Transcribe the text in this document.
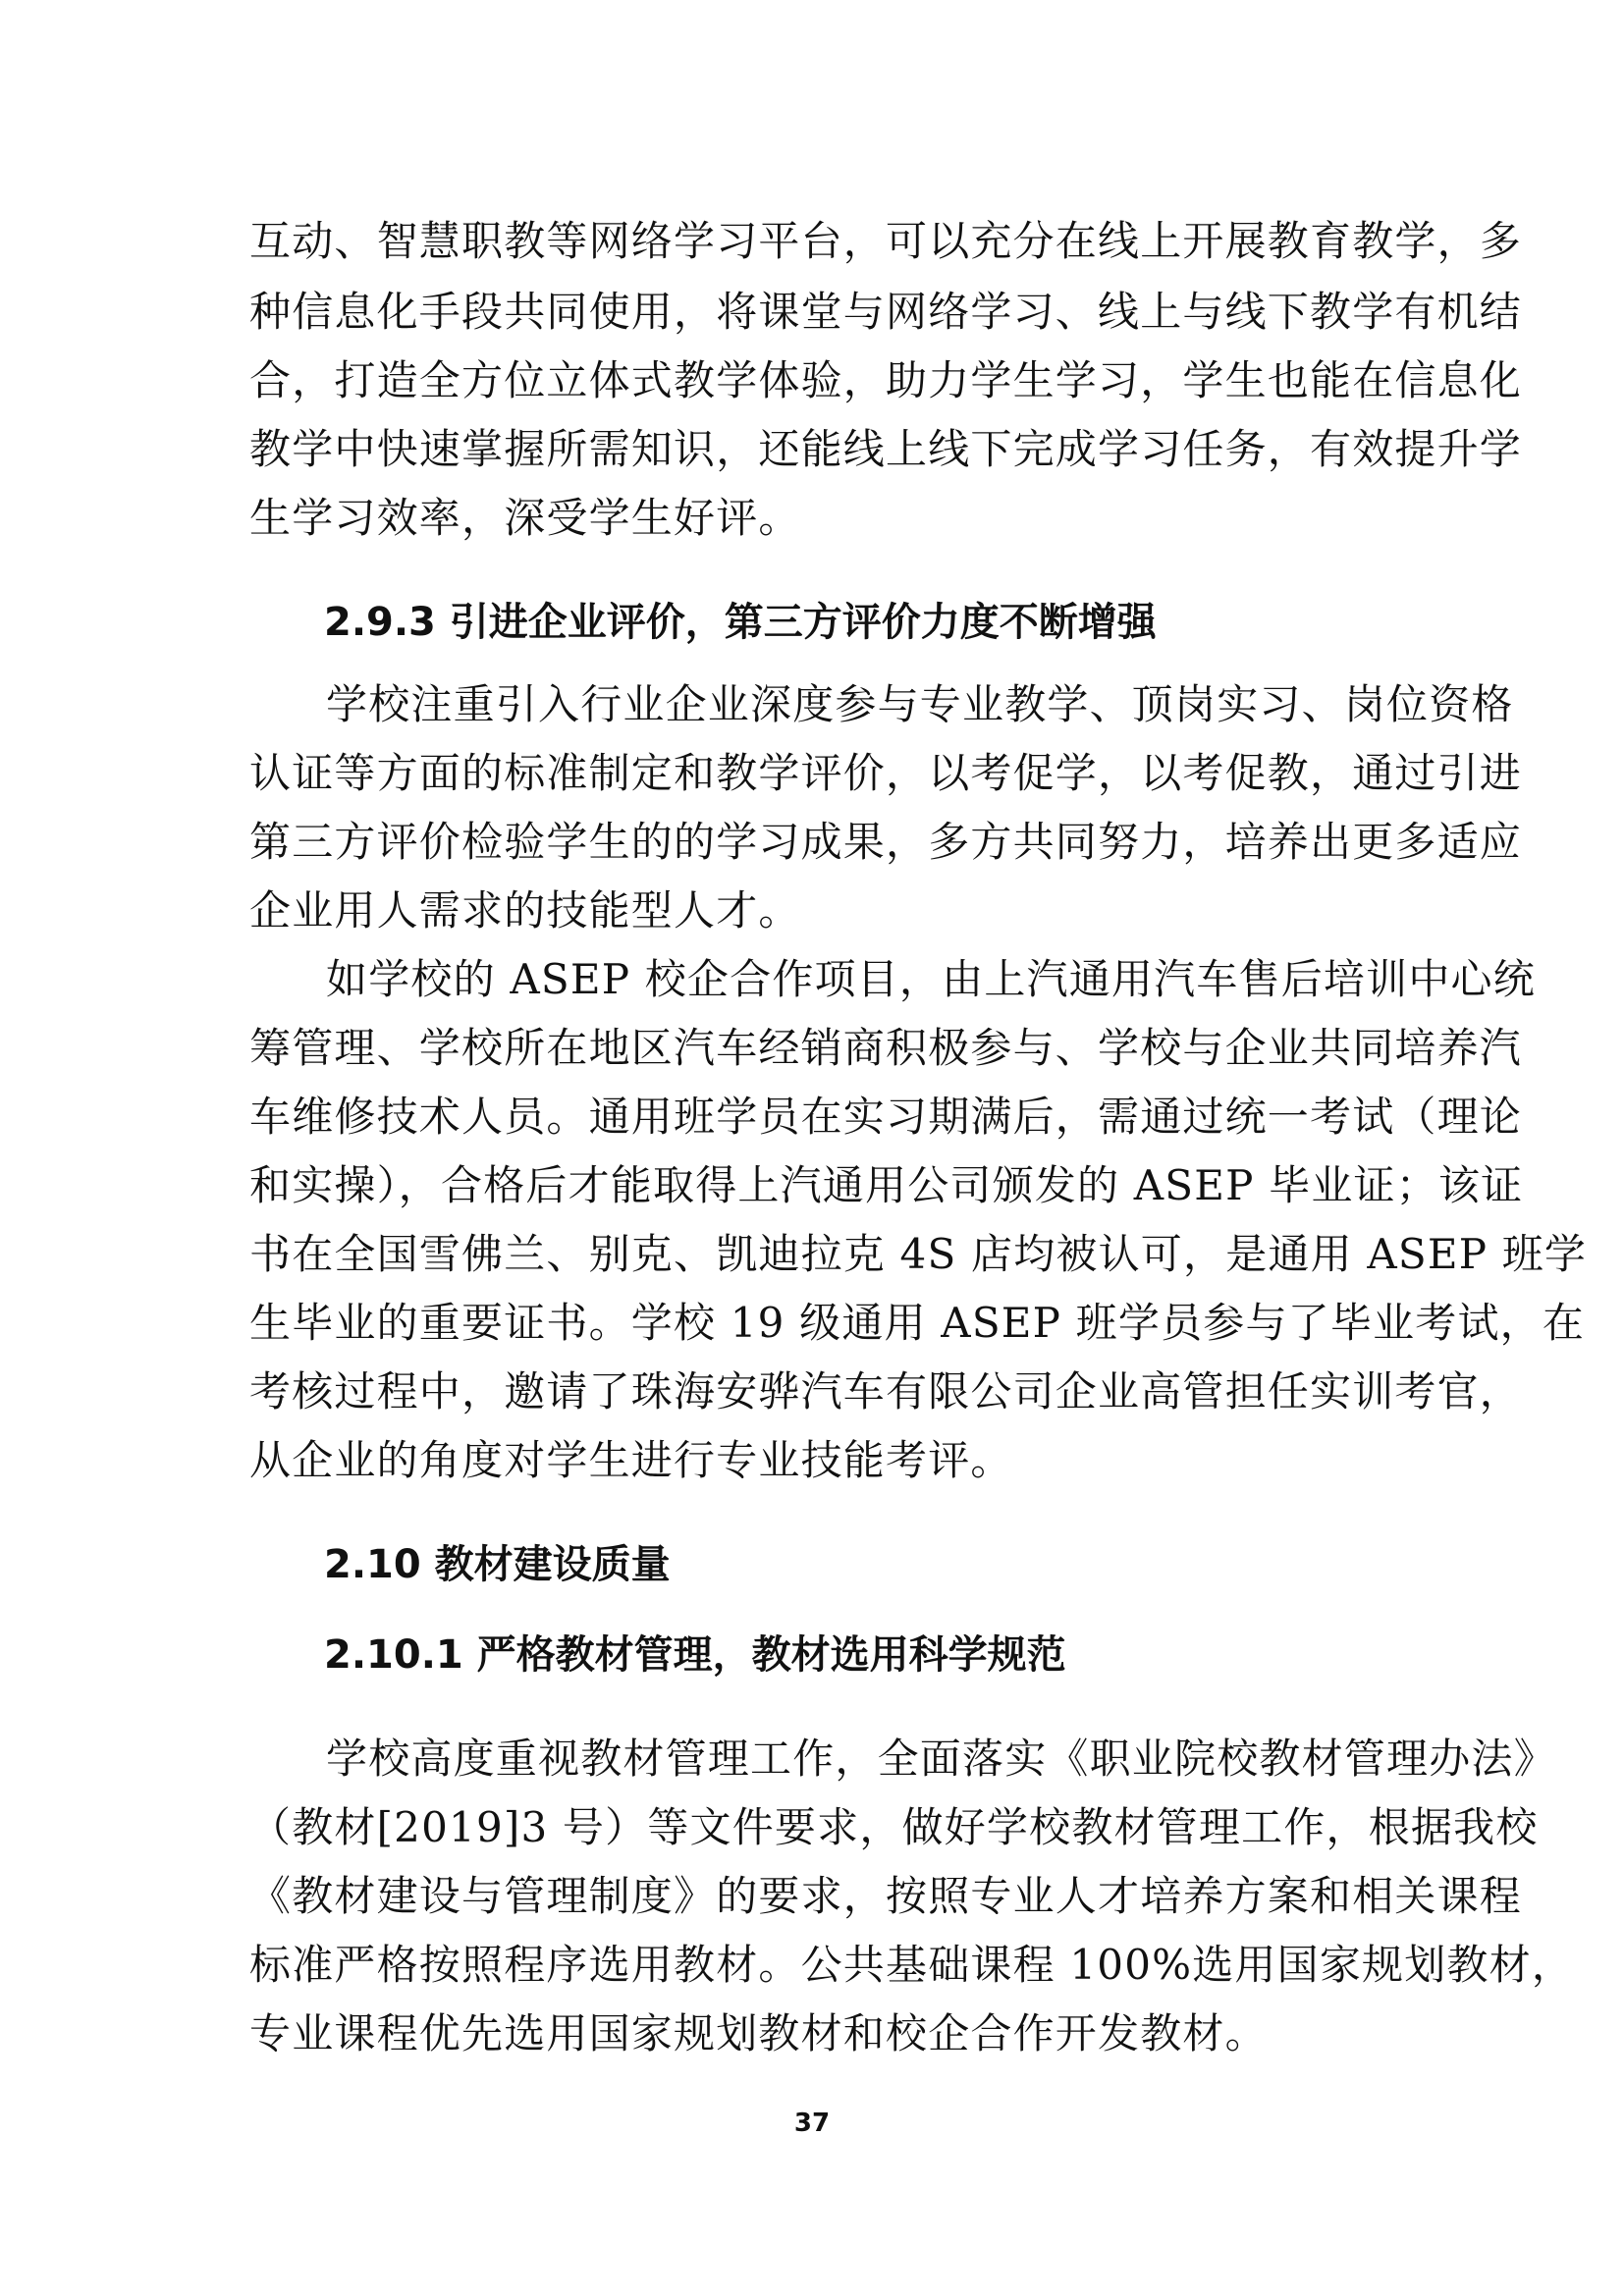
互动、智慧职教等网络学习平台，可以充分在线上开展教育教学，多
种信息化手段共同使用，将课堂与网络学习、线上与线下教学有机结
合，打造全方位立体式教学体验，助力学生学习，学生也能在信息化
教学中快速掌握所需知识，还能线上线下完成学习任务，有效提升学
生学习效率，深受学生好评。
2.9.3 引进企业评价，第三方评价力度不断增强
学校注重引入行业企业深度参与专业教学、顶岗实习、岗位资格
认证等方面的标准制定和教学评价，以考促学，以考促教，通过引进
第三方评价检验学生的的学习成果，多方共同努力，培养出更多适应
企业用人需求的技能型人才。
如学校的 ASEP 校企合作项目，由上汽通用汽车售后培训中心统
筹管理、学校所在地区汽车经销商积极参与、学校与企业共同培养汽
车维修技术人员。通用班学员在实习期满后，需通过统一考试（理论
和实操），合格后才能取得上汽通用公司颁发的 ASEP 毕业证；该证
书在全国雪佛兰、别克、凯迪拉克 4S 店均被认可，是通用 ASEP 班学
生毕业的重要证书。学校 19 级通用 ASEP 班学员参与了毕业考试，在
考核过程中，邀请了珠海安骅汽车有限公司企业高管担任实训考官，
从企业的角度对学生进行专业技能考评。
2.10 教材建设质量
2.10.1 严格教材管理，教材选用科学规范
学校高度重视教材管理工作，全面落实《职业院校教材管理办法》
（教材[2019]3 号）等文件要求，做好学校教材管理工作，根据我校
《教材建设与管理制度》的要求，按照专业人才培养方案和相关课程
标准严格按照程序选用教材。公共基础课程 100%选用国家规划教材，
专业课程优先选用国家规划教材和校企合作开发教材。
37
